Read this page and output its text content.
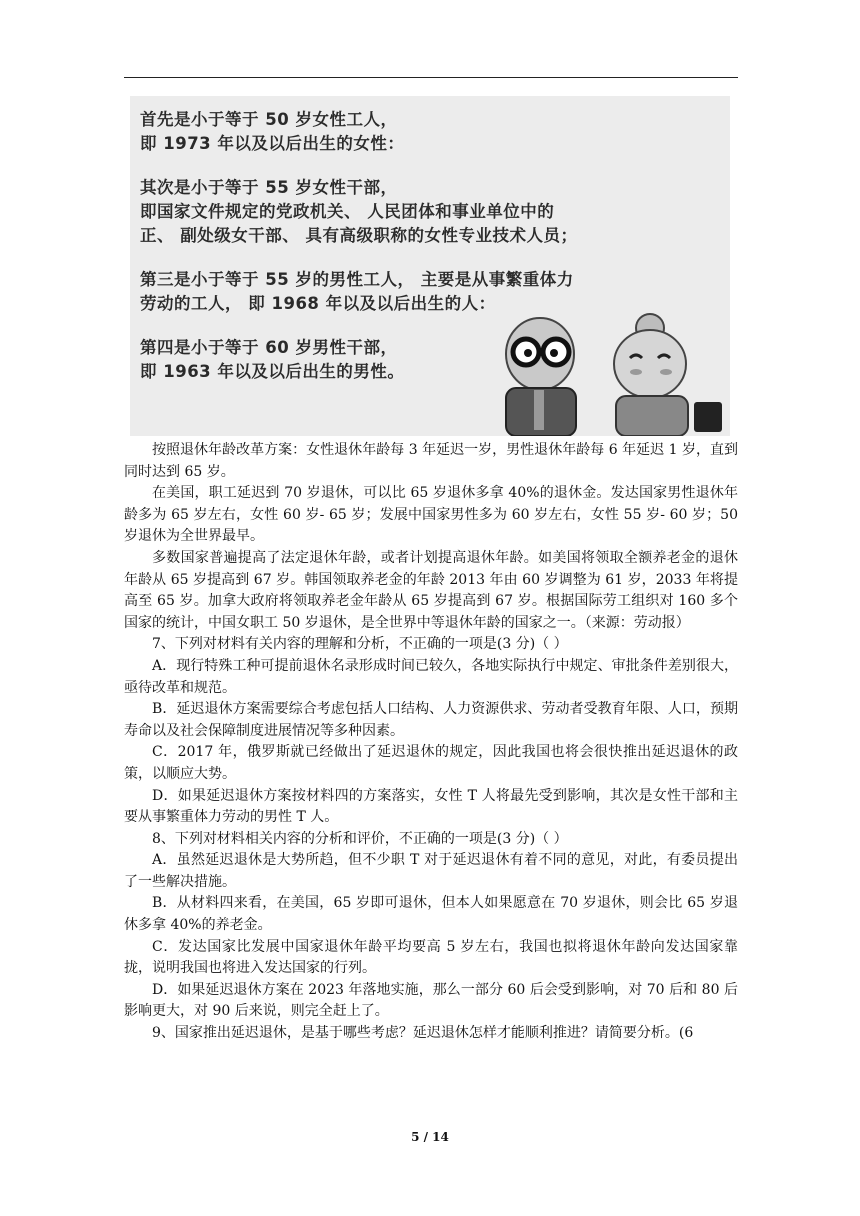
首先是小于等于 50 岁女性工人，
即 1973 年以及以后出生的女性：
其次是小于等于 55 岁女性干部，
即国家文件规定的党政机关、 人民团体和事业单位中的
正、 副处级女干部、 具有高级职称的女性专业技术人员；
第三是小于等于 55 岁的男性工人， 主要是从事繁重体力
劳动的工人， 即 1968 年以及以后出生的人：
第四是小于等于 60 岁男性干部，
即 1963 年以及以后出生的男性。

按照退休年龄改革方案：女性退休年龄每 3 年延迟一岁，男性退休年龄每 6 年延迟 1 岁，直到同时达到 65 岁。

在美国，职工延迟到 70 岁退休，可以比 65 岁退休多拿 40%的退休金。发达国家男性退休年龄多为 65 岁左右，女性 60 岁- 65 岁；发展中国家男性多为 60 岁左右，女性 55 岁- 60 岁；50 岁退休为全世界最早。

多数国家普遍提高了法定退休年龄，或者计划提高退休年龄。如美国将领取全额养老金的退休年龄从 65 岁提高到 67 岁。韩国领取养老金的年龄 2013 年由 60 岁调整为 61 岁，2033 年将提高至 65 岁。加拿大政府将领取养老金年龄从 65 岁提高到 67 岁。根据国际劳工组织对 160 多个国家的统计，中国女职工 50 岁退休，是全世界中等退休年龄的国家之一。（来源：劳动报）

7、下列对材料有关内容的理解和分析，不正确的一项是(3 分)（ ）

A．现行特殊工种可提前退休名录形成时间已较久，各地实际执行中规定、审批条件差别很大，亟待改革和规范。

B．延迟退休方案需要综合考虑包括人口结构、人力资源供求、劳动者受教育年限、人口，预期寿命以及社会保障制度进展情况等多种因素。

C．2017 年，俄罗斯就已经做出了延迟退休的规定，因此我国也将会很快推出延迟退休的政策，以顺应大势。

D．如果延迟退休方案按材料四的方案落实，女性 T 人将最先受到影响，其次是女性干部和主要从事繁重体力劳动的男性 T 人。

8、下列对材料相关内容的分析和评价，不正确的一项是(3 分)（ ）

A．虽然延迟退休是大势所趋，但不少职 T 对于延迟退休有着不同的意见，对此，有委员提出了一些解决措施。

B．从材料四来看，在美国，65 岁即可退休，但本人如果愿意在 70 岁退休，则会比 65 岁退休多拿 40%的养老金。

C．发达国家比发展中国家退休年龄平均要高 5 岁左右，我国也拟将退休年龄向发达国家靠拢，说明我国也将进入发达国家的行列。

D．如果延迟退休方案在 2023 年落地实施，那么一部分 60 后会受到影响，对 70 后和 80 后影响更大，对 90 后来说，则完全赶上了。

9、国家推出延迟退休，是基于哪些考虑？延迟退休怎样才能顺利推进？请简要分析。(6

5 / 14
